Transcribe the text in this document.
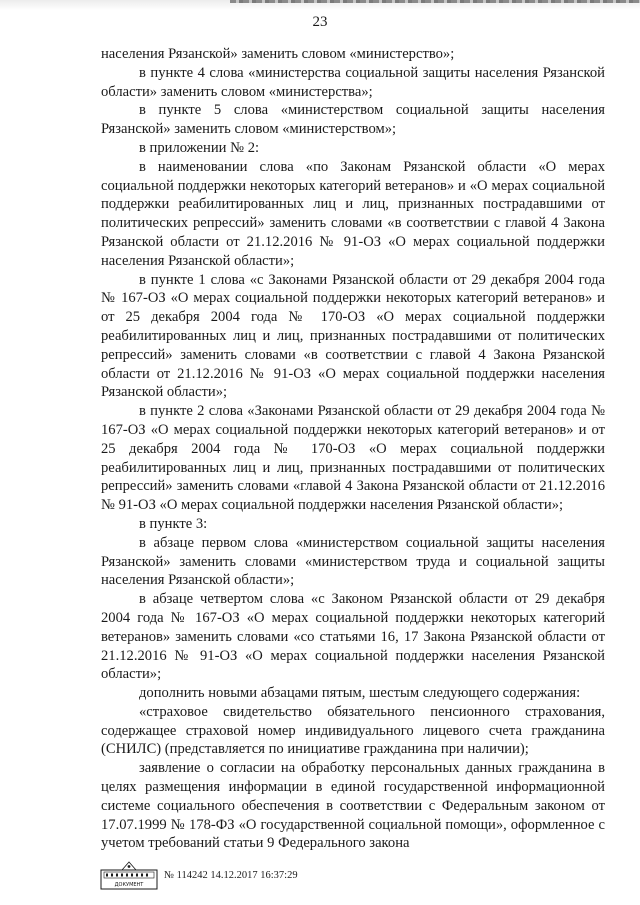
23

населения Рязанской» заменить словом «министерство»;

в пункте 4 слова «министерства социальной защиты населения Рязанской области» заменить словом «министерства»;

в пункте 5 слова «министерством социальной защиты населения Рязанской» заменить словом «министерством»;

в приложении № 2:

в наименовании слова «по Законам Рязанской области «О мерах социальной поддержки некоторых категорий ветеранов» и «О мерах социальной поддержки реабилитированных лиц и лиц, признанных пострадавшими от политических репрессий» заменить словами «в соответствии с главой 4 Закона Рязанской области от 21.12.2016 № 91-ОЗ «О мерах социальной поддержки населения Рязанской области»;

в пункте 1 слова «с Законами Рязанской области от 29 декабря 2004 года № 167-ОЗ «О мерах социальной поддержки некоторых категорий ветеранов» и от 25 декабря 2004 года № 170-ОЗ «О мерах социальной поддержки реабилитированных лиц и лиц, признанных пострадавшими от политических репрессий» заменить словами «в соответствии с главой 4 Закона Рязанской области от 21.12.2016 № 91-ОЗ «О мерах социальной поддержки населения Рязанской области»;

в пункте 2 слова «Законами Рязанской области от 29 декабря 2004 года № 167-ОЗ «О мерах социальной поддержки некоторых категорий ветеранов» и от 25 декабря 2004 года № 170-ОЗ «О мерах социальной поддержки реабилитированных лиц и лиц, признанных пострадавшими от политических репрессий» заменить словами «главой 4 Закона Рязанской области от 21.12.2016 № 91-ОЗ «О мерах социальной поддержки населения Рязанской области»;

в пункте 3:

в абзаце первом слова «министерством социальной защиты населения Рязанской» заменить словами «министерством труда и социальной защиты населения Рязанской области»;

в абзаце четвертом слова «с Законом Рязанской области от 29 декабря 2004 года № 167-ОЗ «О мерах социальной поддержки некоторых категорий ветеранов» заменить словами «со статьями 16, 17 Закона Рязанской области от 21.12.2016 № 91-ОЗ «О мерах социальной поддержки населения Рязанской области»;

дополнить новыми абзацами пятым, шестым следующего содержания:

«страховое свидетельство обязательного пенсионного страхования, содержащее страховой номер индивидуального лицевого счета гражданина (СНИЛС) (представляется по инициативе гражданина при наличии);

заявление о согласии на обработку персональных данных гражданина в целях размещения информации в единой государственной информационной системе социального обеспечения в соответствии с Федеральным законом от 17.07.1999 № 178-ФЗ «О государственной социальной помощи», оформленное с учетом требований статьи 9 Федерального закона

ДОКУМЕНТ
№ 114242 14.12.2017 16:37:29
